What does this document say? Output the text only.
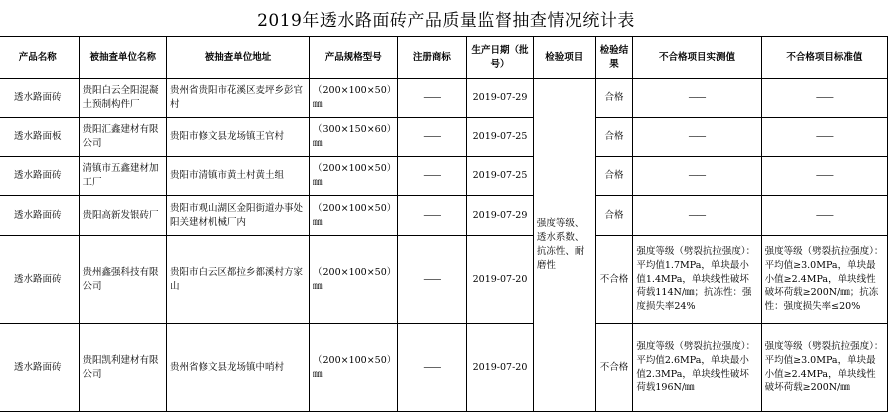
2019年透水路面砖产品质量监督抽查情况统计表
产品名称	被抽查单位名称	被抽查单位地址	产品规格型号	注册商标	生产日期（批号）	检验项目	检验结果	不合格项目实测值	不合格项目标准值
透水路面砖	贵阳白云全阳混凝土预制构件厂	贵州省贵阳市花溪区麦坪乡彭官村	（200×100×50）㎜	——	2019-07-29	强度等级、透水系数、抗冻性、耐磨性	合格	——	——
透水路面板	贵阳汇鑫建材有限公司	贵阳市修文县龙场镇王官村	（300×150×60）㎜	——	2019-07-25		合格	——	——
透水路面砖	清镇市五鑫建材加工厂	贵阳市清镇市黄土村黄土组	（200×100×50）㎜	——	2019-07-25		合格	——	——
透水路面砖	贵阳高新发银砖厂	贵阳市观山湖区金阳街道办事处阳关建材机械厂内	（200×100×50）㎜	——	2019-07-29		合格	——	——
透水路面砖	贵州鑫强科技有限公司	贵阳市白云区都拉乡都溪村方家山	（200×100×50）㎜	——	2019-07-20		不合格	强度等级（劈裂抗拉强度）：平均值1.7MPa，单块最小值1.4MPa，单块线性破坏荷载114N/㎜；抗冻性：强度损失率24%	强度等级（劈裂抗拉强度）：平均值≥3.0MPa，单块最小值≥2.4MPa，单块线性破坏荷载≥200N/㎜；抗冻性：强度损失率≤20%
透水路面砖	贵阳凯利建材有限公司	贵州省修文县龙场镇中哨村	（200×100×50）㎜	——	2019-07-20		不合格	强度等级（劈裂抗拉强度）：平均值2.6MPa，单块最小值2.3MPa，单块线性破坏荷载196N/㎜	强度等级（劈裂抗拉强度）：平均值≥3.0MPa，单块最小值≥2.4MPa，单块线性破坏荷载≥200N/㎜
